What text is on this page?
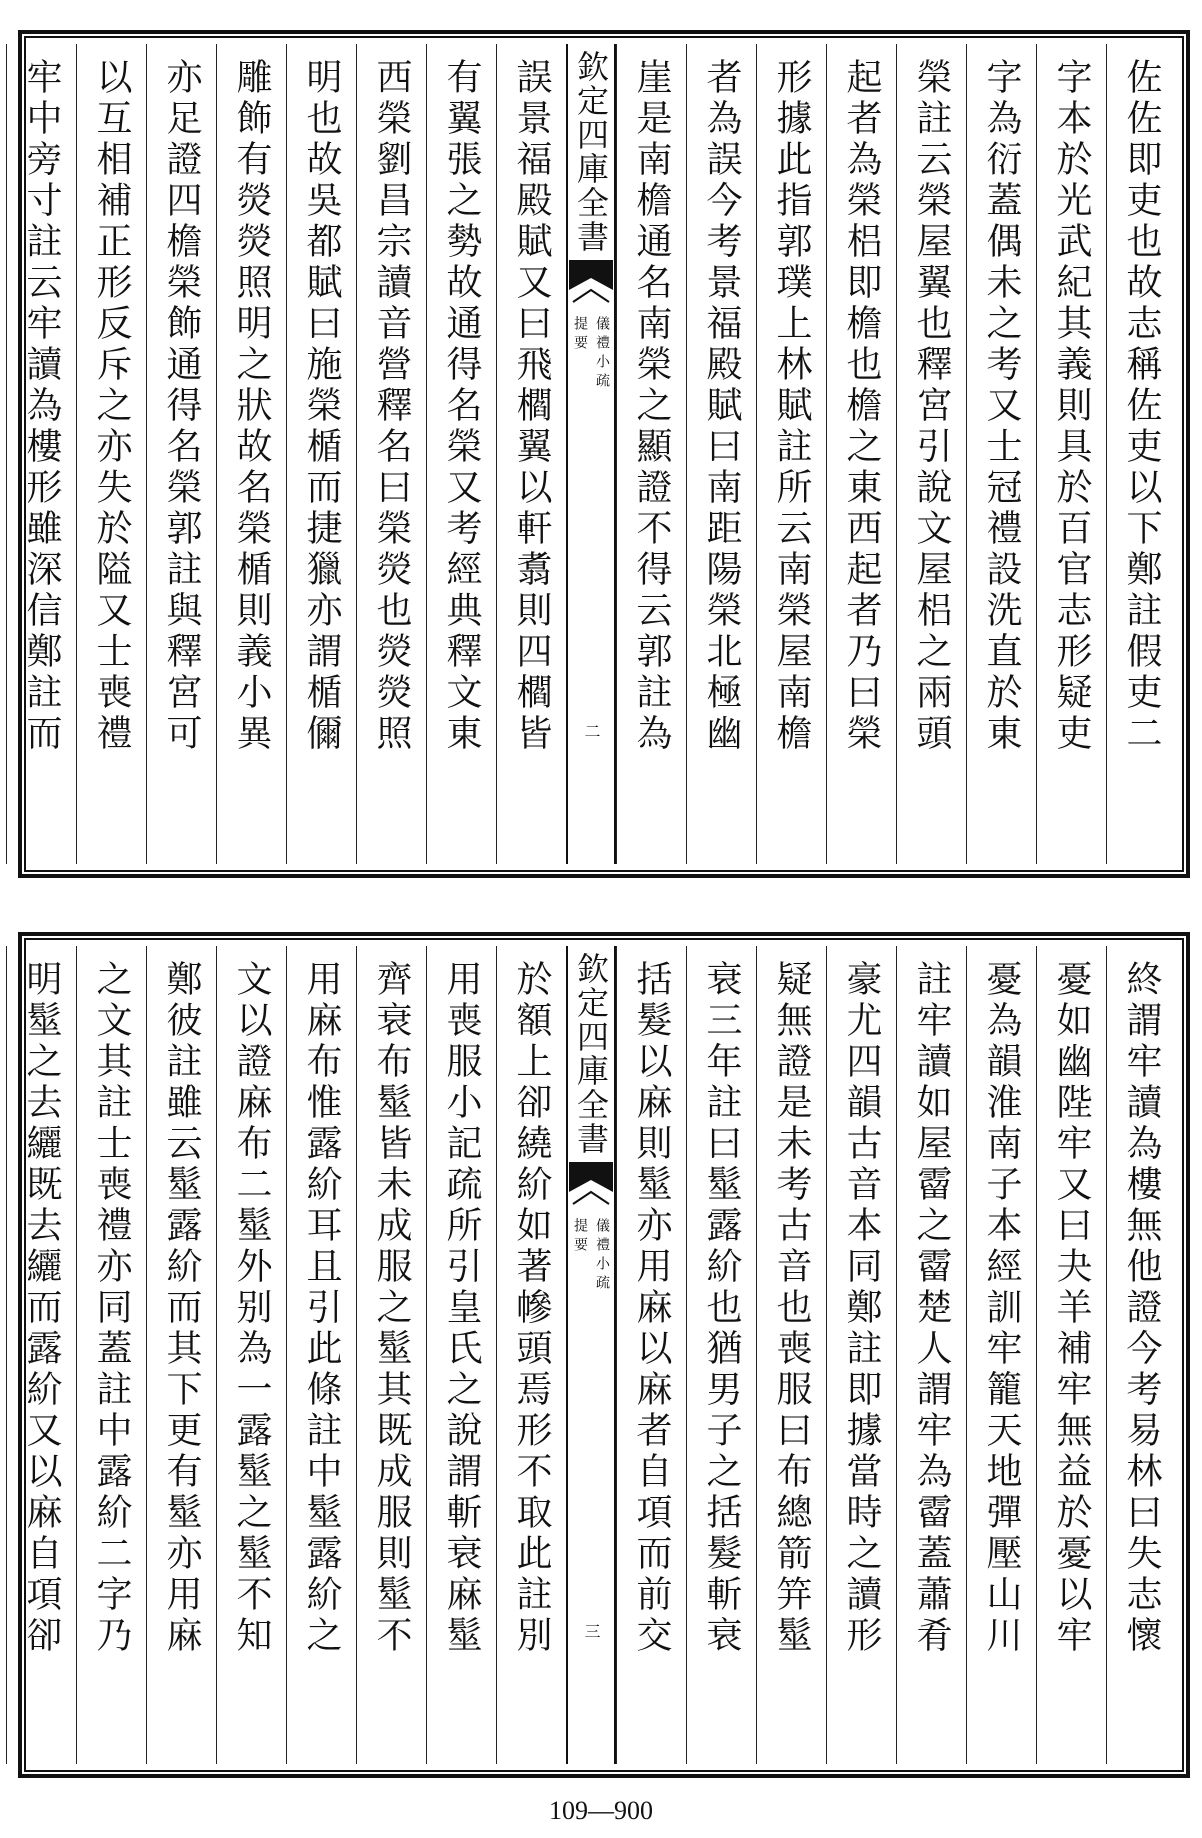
佐佐即吏也故志稱佐吏以下鄭註假吏二
字本於光武紀其義則具於百官志形疑吏
字為衍蓋偶未之考又士冠禮設洗直於東
榮註云榮屋翼也釋宮引說文屋梠之兩頭
起者為榮梠即檐也檐之東西起者乃曰榮
形據此指郭璞上林賦註所云南榮屋南檐
者為誤今考景福殿賦曰南距陽榮北極幽
崖是南檐通名南榮之顯證不得云郭註為
欽定四庫全書
儀禮小疏
提要
二
誤景福殿賦又曰飛櫩翼以軒翥則四櫩皆
有翼張之勢故通得名榮又考經典釋文東
西榮劉昌宗讀音營釋名曰榮熒也熒熒照
明也故吳都賦曰施榮楯而捷獵亦謂楯儞
雕飾有熒熒照明之狀故名榮楯則義小異
亦足證四檐榮飾通得名榮郭註與釋宮可
以互相補正形反斥之亦失於隘又士喪禮
牢中旁寸註云牢讀為樓形雖深信鄭註而
終謂牢讀為樓無他證今考易林曰失志懷
憂如幽陛牢又曰夬羊補牢無益於憂以牢
憂為韻淮南子本經訓牢籠天地彈壓山川
註牢讀如屋霤之霤楚人謂牢為霤蓋蕭肴
豪尤四韻古音本同鄭註即據當時之讀形
疑無證是未考古音也喪服曰布總箭笄髽
衰三年註曰髽露紒也猶男子之括髮斬衰
括髮以麻則髽亦用麻以麻者自項而前交
欽定四庫全書
儀禮小疏
提要
三
於額上卻繞紒如著幓頭焉形不取此註別
用喪服小記疏所引皇氏之說謂斬衰麻髽
齊衰布髽皆未成服之髽其既成服則髽不
用麻布惟露紒耳且引此條註中髽露紒之
文以證麻布二髽外别為一露髽之髽不知
鄭彼註雖云髽露紒而其下更有髽亦用麻
之文其註士喪禮亦同蓋註中露紒二字乃
明髽之去纚既去纚而露紒又以麻自項卻
109—900
